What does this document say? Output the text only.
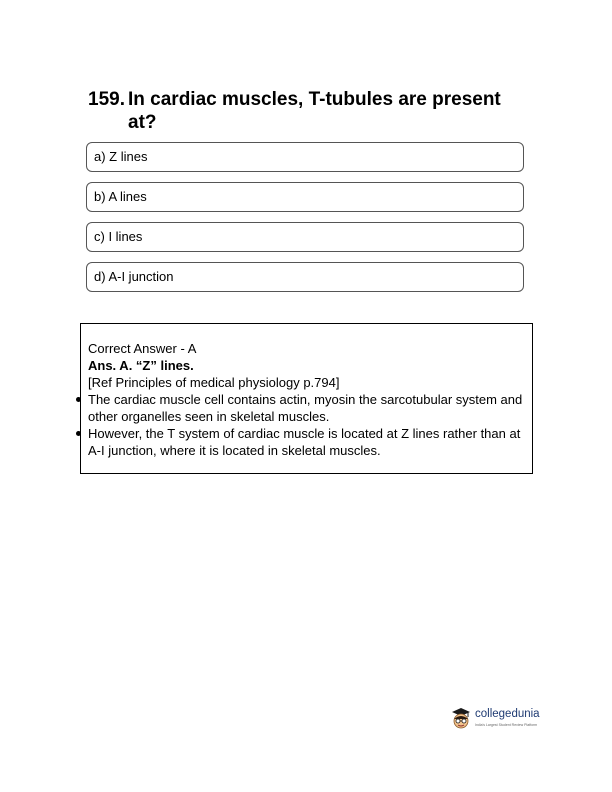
159. In cardiac muscles, T-tubules are present
at?
a) Z lines
b) A lines
c) I lines
d) A-I junction
Correct Answer - A
Ans. A. “Z” lines.
[Ref Principles of medical physiology p.794]
The cardiac muscle cell contains actin, myosin the sarcotubular system and other organelles seen in skeletal muscles.
However, the T system of cardiac muscle is located at Z lines rather than at A-I junction, where it is located in skeletal muscles.
collegedunia
India's Largest Student Review Platform
